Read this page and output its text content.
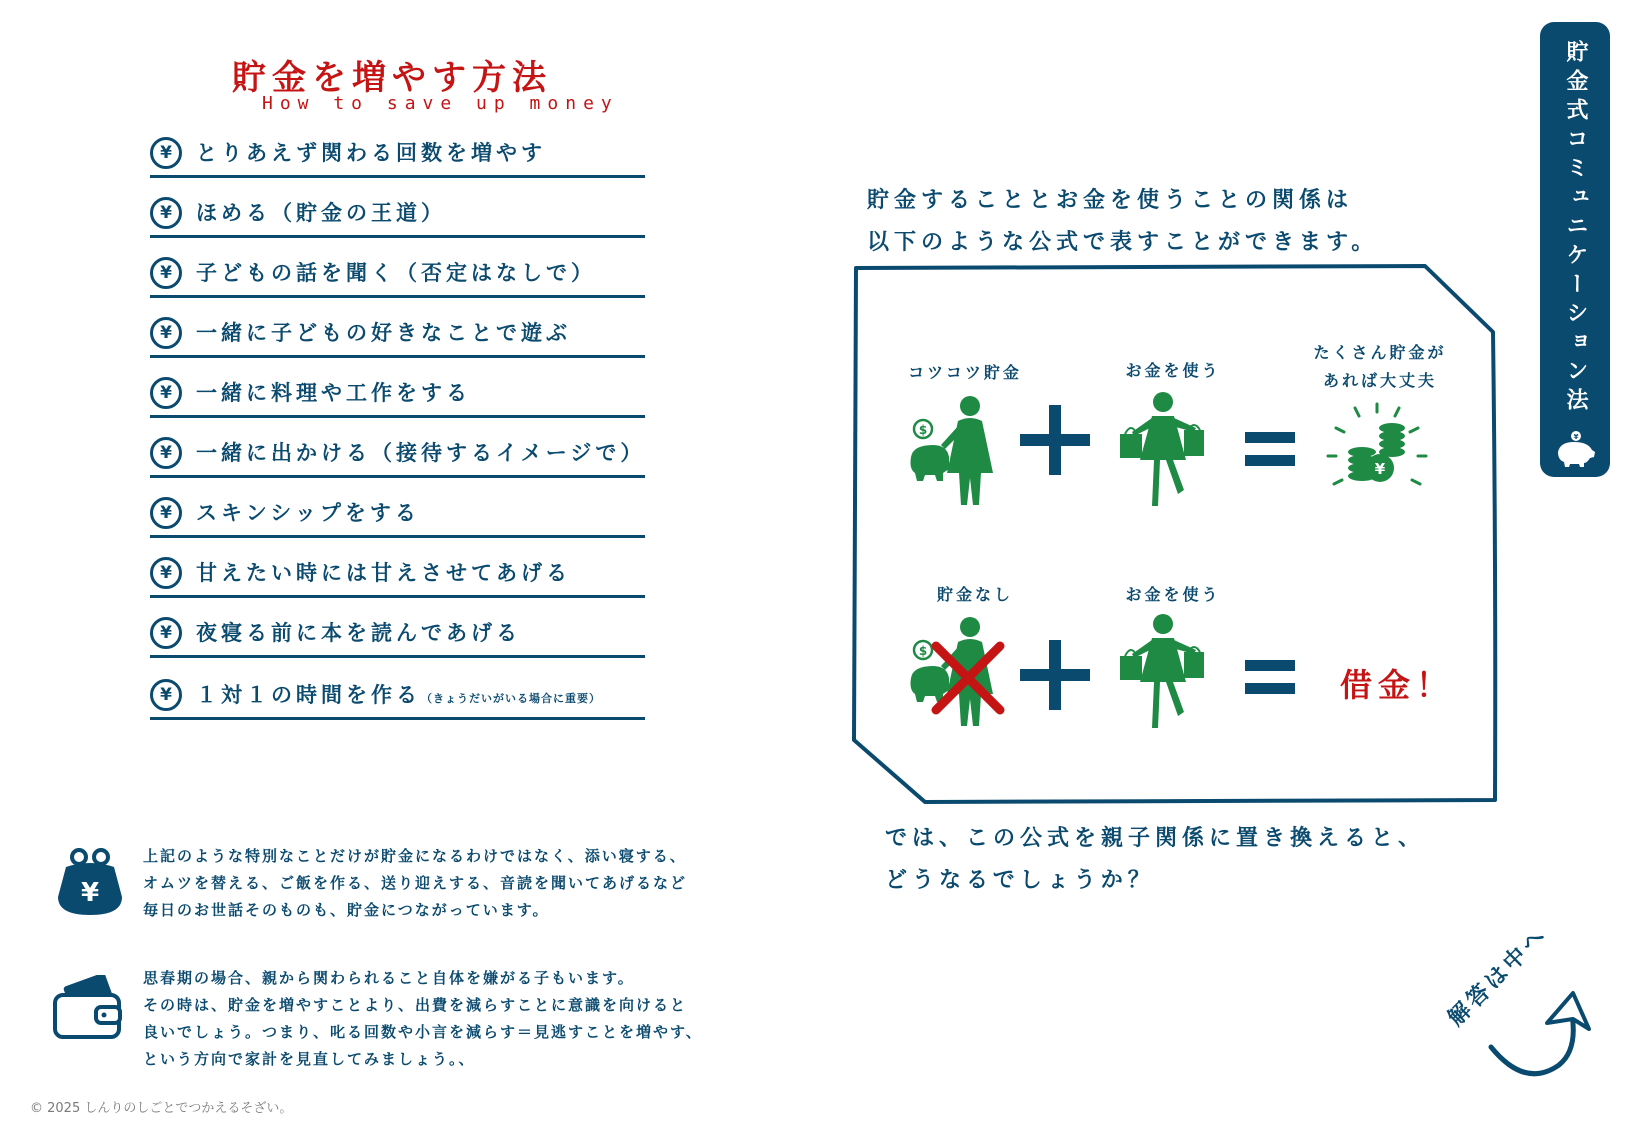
貯金を増やす方法
How to save up money
¥	とりあえず関わる回数を増やす
¥	ほめる（貯金の王道）
¥	子どもの話を聞く（否定はなしで）
¥	一緒に子どもの好きなことで遊ぶ
¥	一緒に料理や工作をする
¥	一緒に出かける（接待するイメージで）
¥	スキンシップをする
¥	甘えたい時には甘えさせてあげる
¥	夜寝る前に本を読んであげる
¥	１対１の時間を作る（きょうだいがいる場合に重要）
¥
上記のような特別なことだけが貯金になるわけではなく、添い寝する、
オムツを替える、ご飯を作る、送り迎えする、音読を聞いてあげるなど
毎日のお世話そのものも、貯金につながっています。
思春期の場合、親から関わられること自体を嫌がる子もいます。
その時は、貯金を増やすことより、出費を減らすことに意識を向けると
良いでしょう。つまり、叱る回数や小言を減らす＝見逃すことを増やす、
という方向で家計を見直してみましょう。、
貯金することとお金を使うことの関係は
以下のような公式で表すことができます。
コツコツ貯金	お金を使う
たくさん貯金が
あれば大丈夫
$
¥
貯金なし	お金を使う
$
借金！
では、この公式を親子関係に置き換えると、
どうなるでしょうか？
貯金式コミュニケーション法
¥
解答は中へ
© 2025 しんりのしごとでつかえるそざい。
